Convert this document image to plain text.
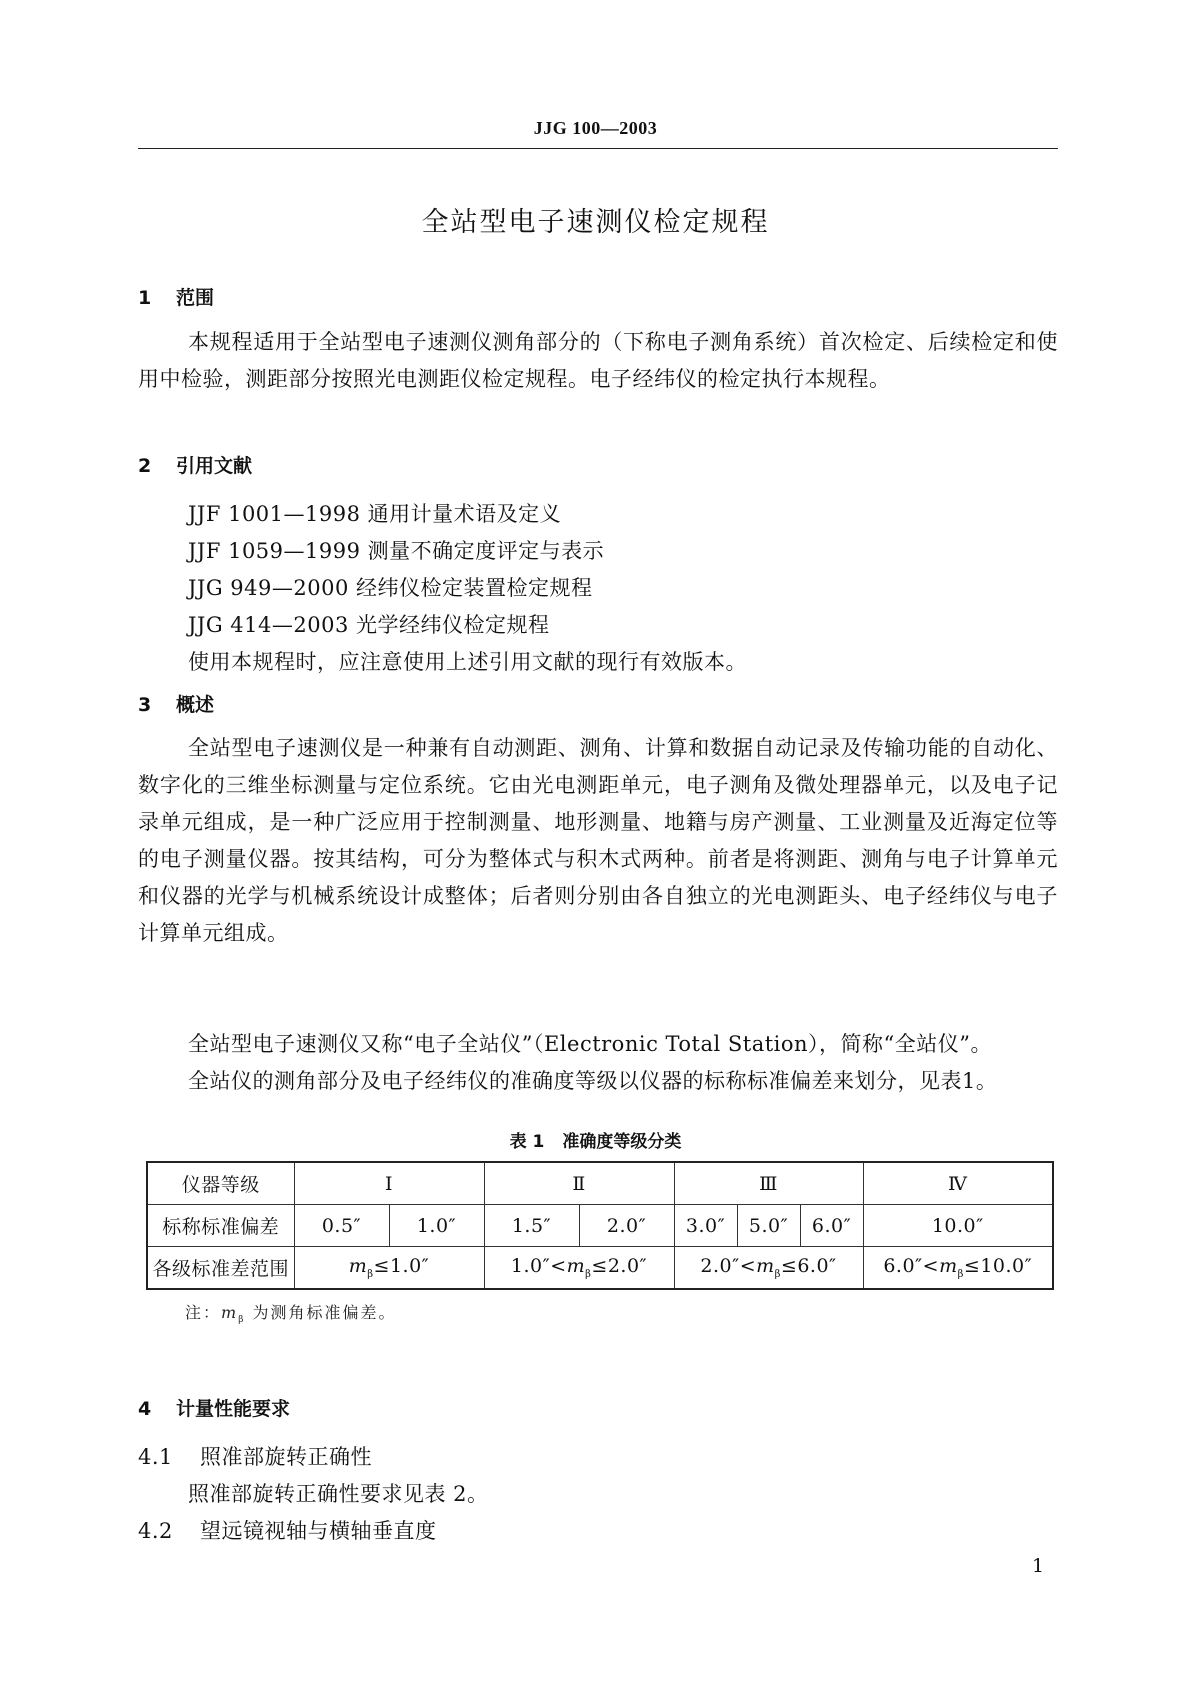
JJG 100—2003
全站型电子速测仪检定规程
1 范围
本规程适用于全站型电子速测仪测角部分的（下称电子测角系统）首次检定、后续检定和使用中检验，测距部分按照光电测距仪检定规程。电子经纬仪的检定执行本规程。
2 引用文献
JJF 1001—1998 通用计量术语及定义
JJF 1059—1999 测量不确定度评定与表示
JJG 949—2000 经纬仪检定装置检定规程
JJG 414—2003 光学经纬仪检定规程
使用本规程时，应注意使用上述引用文献的现行有效版本。
3 概述
全站型电子速测仪是一种兼有自动测距、测角、计算和数据自动记录及传输功能的自动化、数字化的三维坐标测量与定位系统。它由光电测距单元，电子测角及微处理器单元，以及电子记录单元组成，是一种广泛应用于控制测量、地形测量、地籍与房产测量、工业测量及近海定位等的电子测量仪器。按其结构，可分为整体式与积木式两种。前者是将测距、测角与电子计算单元和仪器的光学与机械系统设计成整体；后者则分别由各自独立的光电测距头、电子经纬仪与电子计算单元组成。
全站型电子速测仪又称“电子全站仪”（Electronic Total Station），简称“全站仪”。
全站仪的测角部分及电子经纬仪的准确度等级以仪器的标称标准偏差来划分，见表1。
表 1 准确度等级分类
仪器等级	Ⅰ		Ⅱ		Ⅲ			Ⅳ
标称标准偏差	0.5″	1.0″	1.5″	2.0″	3.0″	5.0″	6.0″	10.0″
各级标准差范围	$m_\beta\le 1.0''$		$1.0''<m_\beta\le 2.0''$		$2.0''<m_\beta\le 6.0''$			$6.0''<m_\beta\le 10.0''$
注：$m_\beta$ 为测角标准偏差。
4 计量性能要求
4.1 照准部旋转正确性
照准部旋转正确性要求见表 2。
4.2 望远镜视轴与横轴垂直度
1
